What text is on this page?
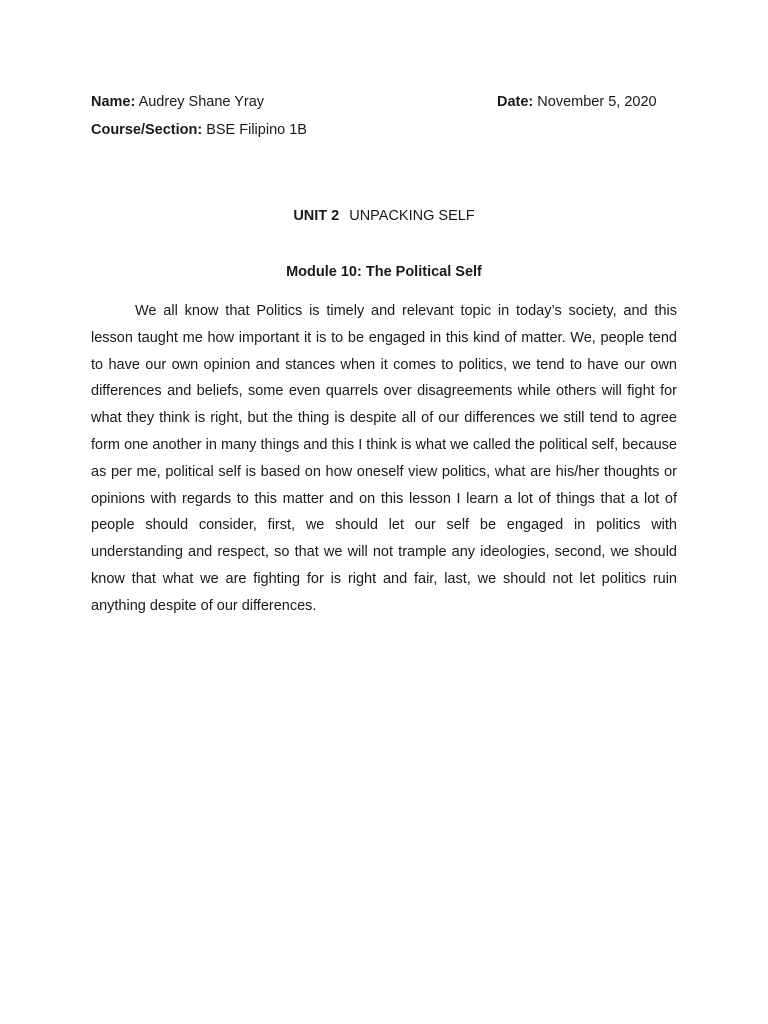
Name: Audrey Shane Yray	Date: November 5, 2020
Course/Section: BSE Filipino 1B
UNIT 2 UNPACKING SELF
Module 10: The Political Self

We all know that Politics is timely and relevant topic in today’s society, and this lesson taught me how important it is to be engaged in this kind of matter. We, people tend to have our own opinion and stances when it comes to politics, we tend to have our own differences and beliefs, some even quarrels over disagreements while others will fight for what they think is right, but the thing is despite all of our differences we still tend to agree form one another in many things and this I think is what we called the political self, because as per me, political self is based on how oneself view politics, what are his/her thoughts or opinions with regards to this matter and on this lesson I learn a lot of things that a lot of people should consider, first, we should let our self be engaged in politics with understanding and respect, so that we will not trample any ideologies, second, we should know that what we are fighting for is right and fair, last, we should not let politics ruin anything despite of our differences.
